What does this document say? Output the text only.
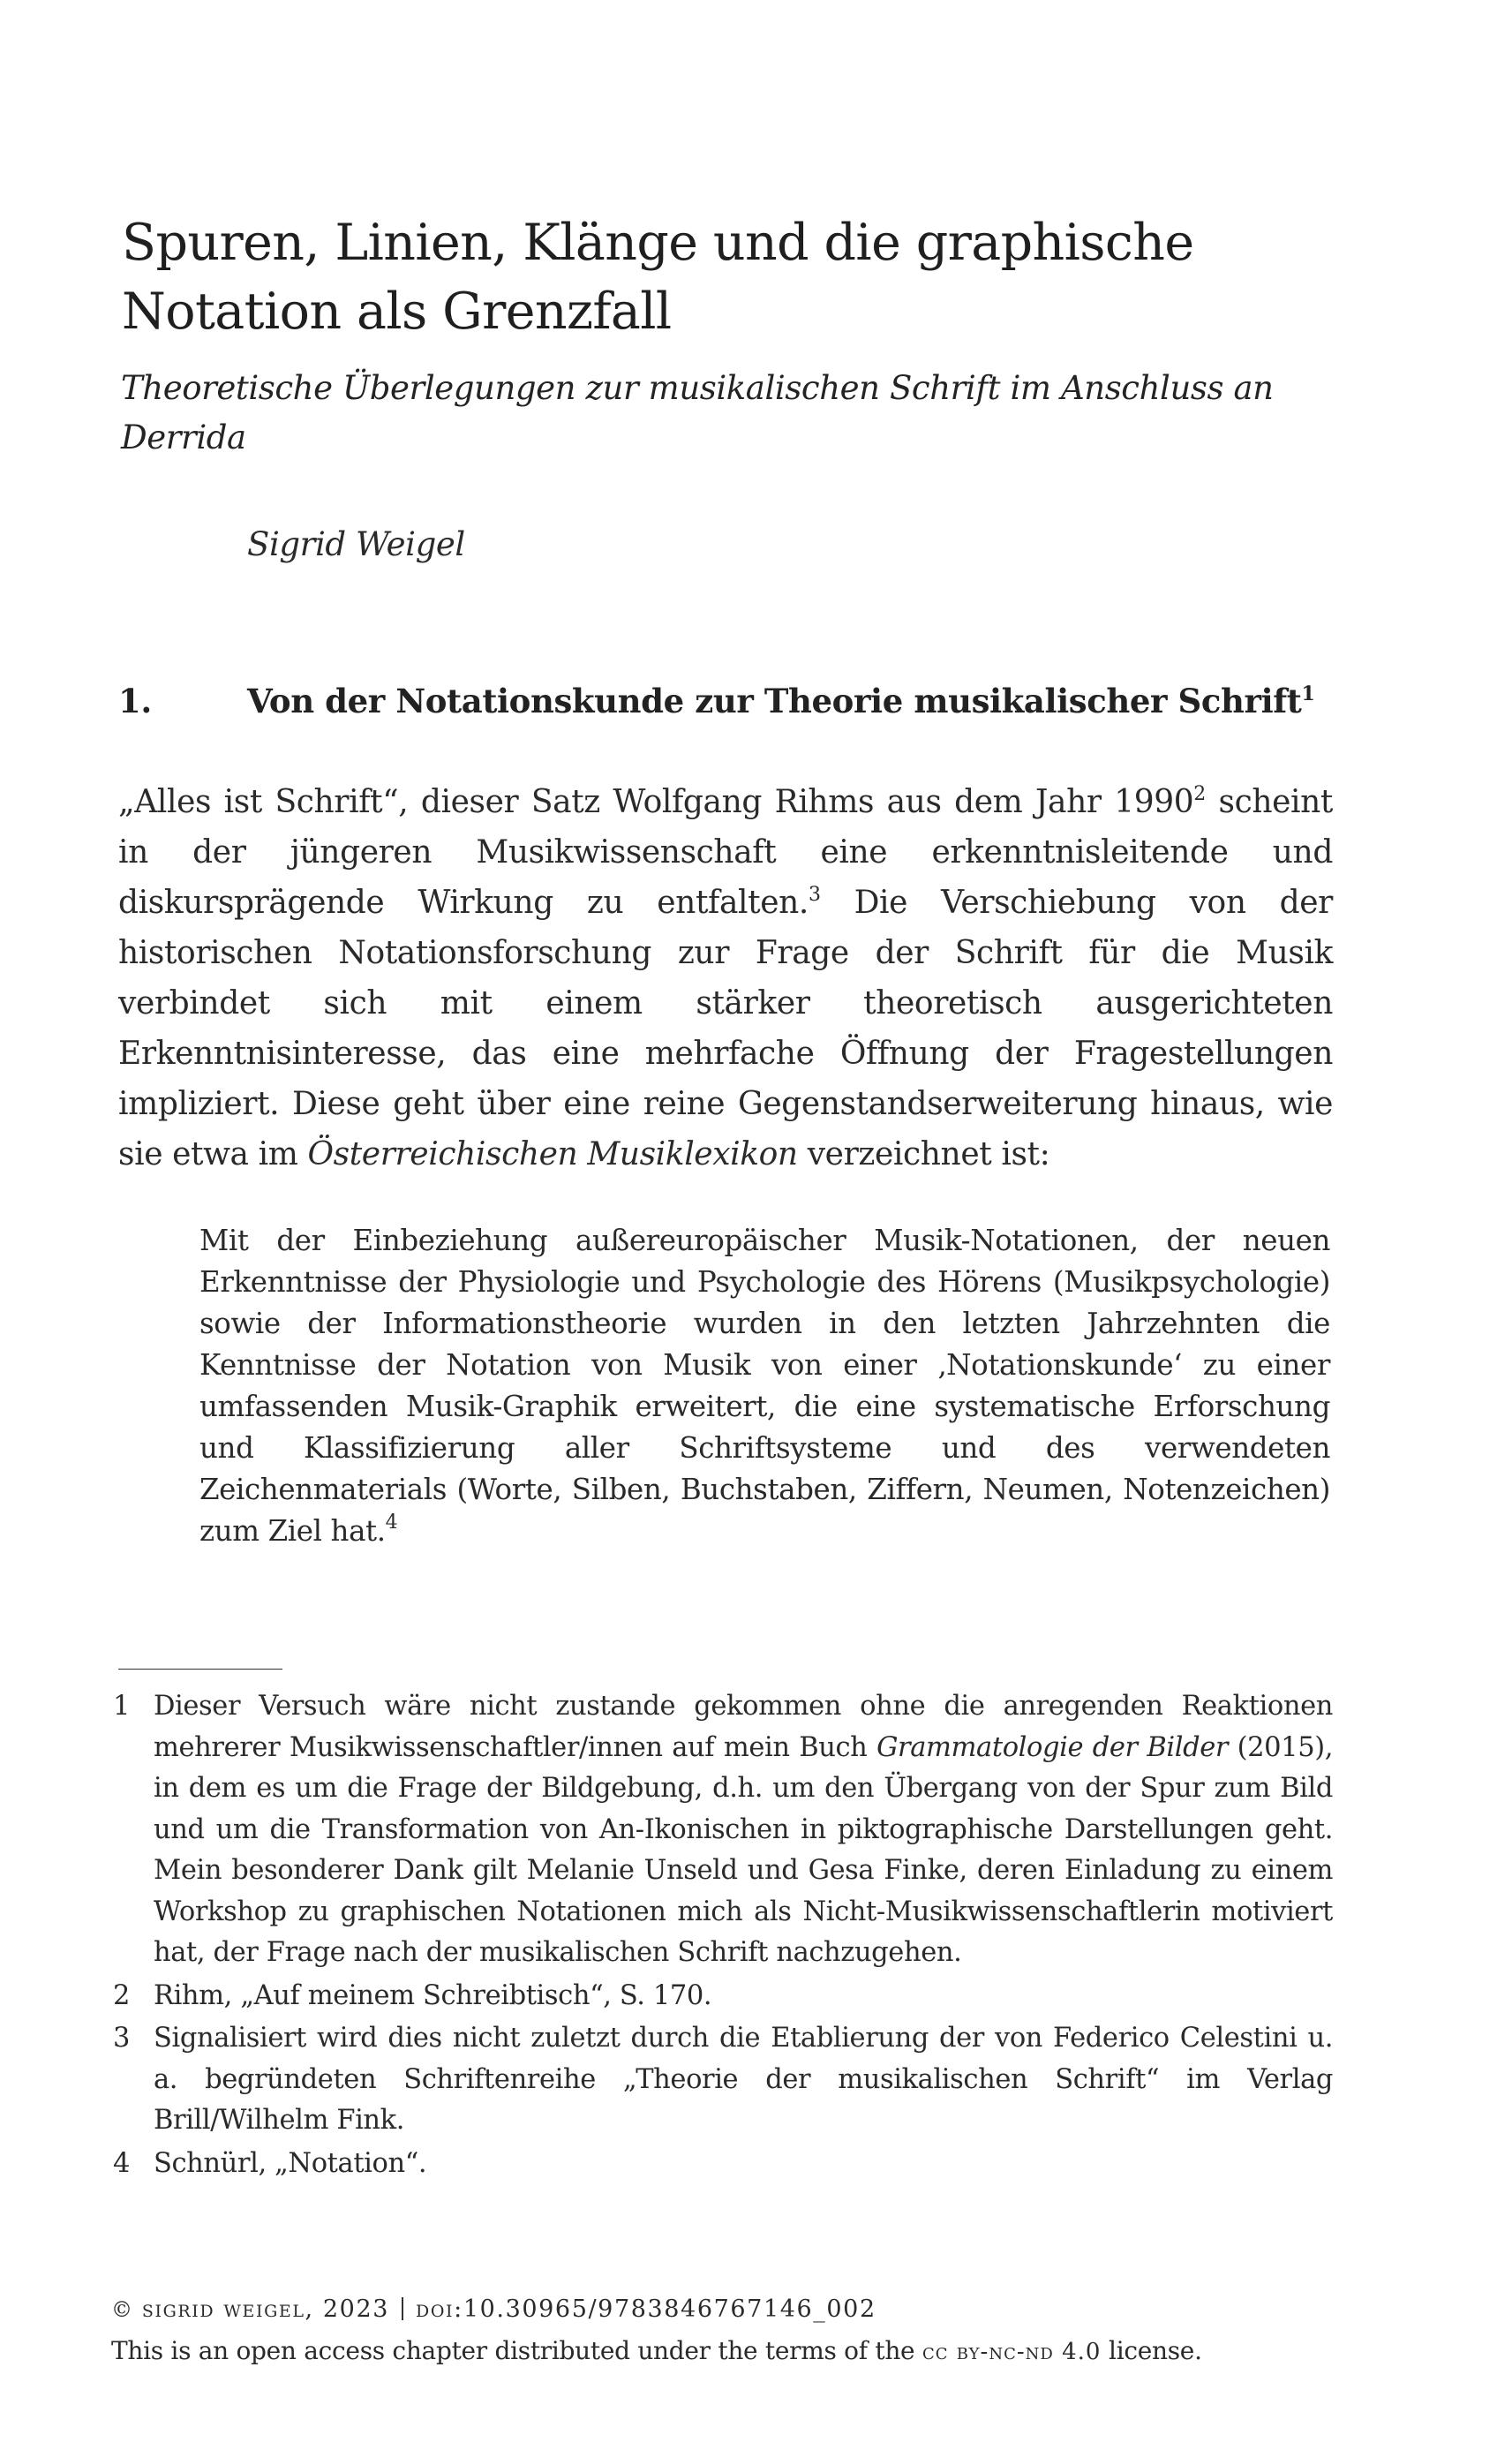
Spuren, Linien, Klänge und die graphische Notation als Grenzfall

Theoretische Überlegungen zur musikalischen Schrift im Anschluss an Derrida

Sigrid Weigel
1.	Von der Notationskunde zur Theorie musikalischer Schrift$^1$

„Alles ist Schrift“, dieser Satz Wolfgang Rihms aus dem Jahr 1990$^2$ scheint in der jüngeren Musikwissenschaft eine erkenntnisleitende und diskursprägende Wirkung zu entfalten.$^3$ Die Verschiebung von der historischen Notationsforschung zur Frage der Schrift für die Musik verbindet sich mit einem stärker theoretisch ausgerichteten Erkenntnisinteresse, das eine mehrfache Öffnung der Fragestellungen impliziert. Diese geht über eine reine Gegenstandserweiterung hinaus, wie sie etwa im Österreichischen Musiklexikon verzeichnet ist:

Mit der Einbeziehung außereuropäischer Musik-Notationen, der neuen Erkenntnisse der Physiologie und Psychologie des Hörens (Musikpsychologie) sowie der Informationstheorie wurden in den letzten Jahrzehnten die Kenntnisse der Notation von Musik von einer ‚Notationskunde‘ zu einer umfassenden Musik-Graphik erweitert, die eine systematische Erforschung und Klassifizierung aller Schriftsysteme und des verwendeten Zeichenmaterials (Worte, Silben, Buchstaben, Ziffern, Neumen, Notenzeichen) zum Ziel hat.$^4$

1 Dieser Versuch wäre nicht zustande gekommen ohne die anregenden Reaktionen mehrerer Musikwissenschaftler/innen auf mein Buch Grammatologie der Bilder (2015), in dem es um die Frage der Bildgebung, d.h. um den Übergang von der Spur zum Bild und um die Transformation von An-Ikonischen in piktographische Darstellungen geht. Mein besonderer Dank gilt Melanie Unseld und Gesa Finke, deren Einladung zu einem Workshop zu graphischen Notationen mich als Nicht-Musikwissenschaftlerin motiviert hat, der Frage nach der musikalischen Schrift nachzugehen.
2 Rihm, „Auf meinem Schreibtisch“, S. 170.
3 Signalisiert wird dies nicht zuletzt durch die Etablierung der von Federico Celestini u. a. begründeten Schriftenreihe „Theorie der musikalischen Schrift“ im Verlag Brill/Wilhelm Fink.
4 Schnürl, „Notation“.
© sigrid weigel, 2023 doi:10.30965/9783846767146_002
This is an open access chapter distributed under the terms of the cc by-nc-nd 4.0 license.
